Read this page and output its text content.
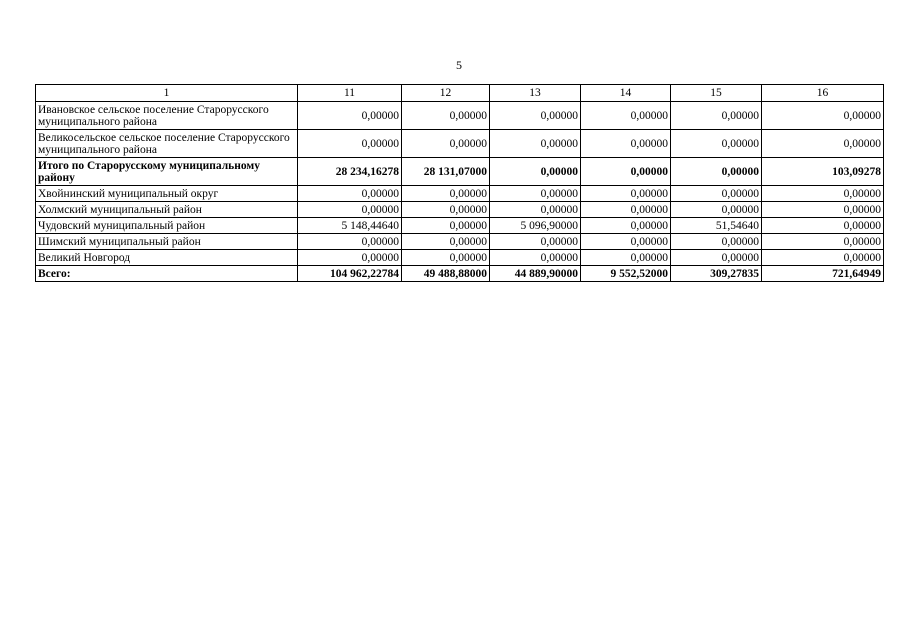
5
1	11	12	13	14	15	16
Ивановское сельское поселение Старорусского муниципального района	0,00000	0,00000	0,00000	0,00000	0,00000	0,00000
Великосельское сельское поселение Старорусского муниципального района	0,00000	0,00000	0,00000	0,00000	0,00000	0,00000
Итого по Старорусскому муниципальному району	28 234,16278	28 131,07000	0,00000	0,00000	0,00000	103,09278
Хвойнинский муниципальный округ	0,00000	0,00000	0,00000	0,00000	0,00000	0,00000
Холмский муниципальный район	0,00000	0,00000	0,00000	0,00000	0,00000	0,00000
Чудовский муниципальный район	5 148,44640	0,00000	5 096,90000	0,00000	51,54640	0,00000
Шимский муниципальный район	0,00000	0,00000	0,00000	0,00000	0,00000	0,00000
Великий Новгород	0,00000	0,00000	0,00000	0,00000	0,00000	0,00000
Всего:	104 962,22784	49 488,88000	44 889,90000	9 552,52000	309,27835	721,64949
